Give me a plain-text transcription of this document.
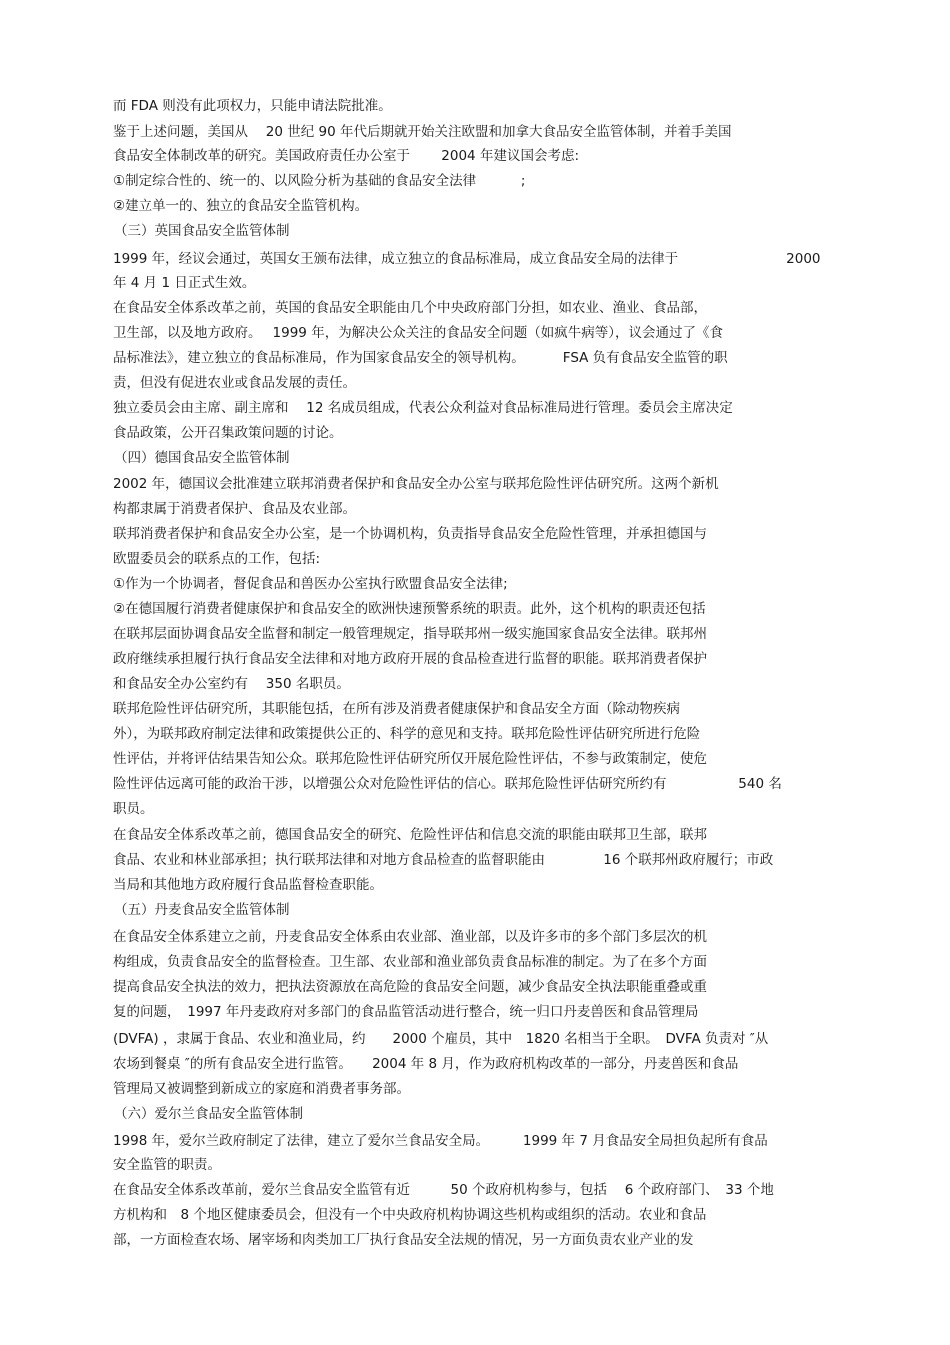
而 FDA 则没有此项权力，只能申请法院批准。
鉴于上述问题，美国从　 20 世纪 90 年代后期就开始关注欧盟和加拿大食品安全监管体制，并着手美国
食品安全体制改革的研究。美国政府责任办公室于　　 2004 年建议国会考虑:
①制定综合性的、统一的、以风险分析为基础的食品安全法律　　　 ;
②建立单一的、独立的食品安全监管机构。
（三）英国食品安全监管体制
1999 年，经议会通过，英国女王颁布法律，成立独立的食品标准局，成立食品安全局的法律于　　　　　　　　2000
年 4 月 1 日正式生效。
在食品安全体系改革之前，英国的食品安全职能由几个中央政府部门分担，如农业、渔业、食品部，
卫生部，以及地方政府。　 1999 年，为解决公众关注的食品安全问题（如疯牛病等），议会通过了《食
品标准法》，建立独立的食品标准局，作为国家食品安全的领导机构。　　　 FSA 负有食品安全监管的职
责，但没有促进农业或食品发展的责任。
独立委员会由主席、副主席和　 12 名成员组成，代表公众利益对食品标准局进行管理。委员会主席决定
食品政策，公开召集政策问题的讨论。
（四）德国食品安全监管体制
2002 年，德国议会批准建立联邦消费者保护和食品安全办公室与联邦危险性评估研究所。这两个新机
构都隶属于消费者保护、食品及农业部。
联邦消费者保护和食品安全办公室，是一个协调机构，负责指导食品安全危险性管理，并承担德国与
欧盟委员会的联系点的工作，包括:
①作为一个协调者，督促食品和兽医办公室执行欧盟食品安全法律;
②在德国履行消费者健康保护和食品安全的欧洲快速预警系统的职责。此外，这个机构的职责还包括
在联邦层面协调食品安全监督和制定一般管理规定，指导联邦州一级实施国家食品安全法律。联邦州
政府继续承担履行执行食品安全法律和对地方政府开展的食品检查进行监督的职能。联邦消费者保护
和食品安全办公室约有　 350 名职员。
联邦危险性评估研究所，其职能包括，在所有涉及消费者健康保护和食品安全方面（除动物疾病
外），为联邦政府制定法律和政策提供公正的、科学的意见和支持。联邦危险性评估研究所进行危险
性评估，并将评估结果告知公众。联邦危险性评估研究所仅开展危险性评估，不参与政策制定，使危
险性评估远离可能的政治干涉，以增强公众对危险性评估的信心。联邦危险性评估研究所约有　　　　　 540 名
职员。
在食品安全体系改革之前，德国食品安全的研究、危险性评估和信息交流的职能由联邦卫生部，联邦
食品、农业和林业部承担；执行联邦法律和对地方食品检查的监督职能由　　　　 16 个联邦州政府履行；市政
当局和其他地方政府履行食品监督检查职能。
（五）丹麦食品安全监管体制
在食品安全体系建立之前，丹麦食品安全体系由农业部、渔业部，以及许多市的多个部门多层次的机
构组成，负责食品安全的监督检查。卫生部、农业部和渔业部负责食品标准的制定。为了在多个方面
提高食品安全执法的效力，把执法资源放在高危险的食品安全问题，减少食品安全执法职能重叠或重
复的问题，　1997 年丹麦政府对多部门的食品监管活动进行整合，统一归口丹麦兽医和食品管理局
(DVFA) ，隶属于食品、农业和渔业局，约　　2000 个雇员，其中　1820 名相当于全职。　DVFA 负责对 ″从
农场到餐桌 ″的所有食品安全进行监管。　　2004 年 8 月，作为政府机构改革的一部分，丹麦兽医和食品
管理局又被调整到新成立的家庭和消费者事务部。
（六）爱尔兰食品安全监管体制
1998 年，爱尔兰政府制定了法律，建立了爱尔兰食品安全局。　　　1999 年 7 月食品安全局担负起所有食品
安全监管的职责。
在食品安全体系改革前，爱尔兰食品安全监管有近　　　50 个政府机构参与，包括　 6 个政府部门、　33 个地
方机构和　8 个地区健康委员会，但没有一个中央政府机构协调这些机构或组织的活动。农业和食品
部，一方面检查农场、屠宰场和肉类加工厂执行食品安全法规的情况，另一方面负责农业产业的发
